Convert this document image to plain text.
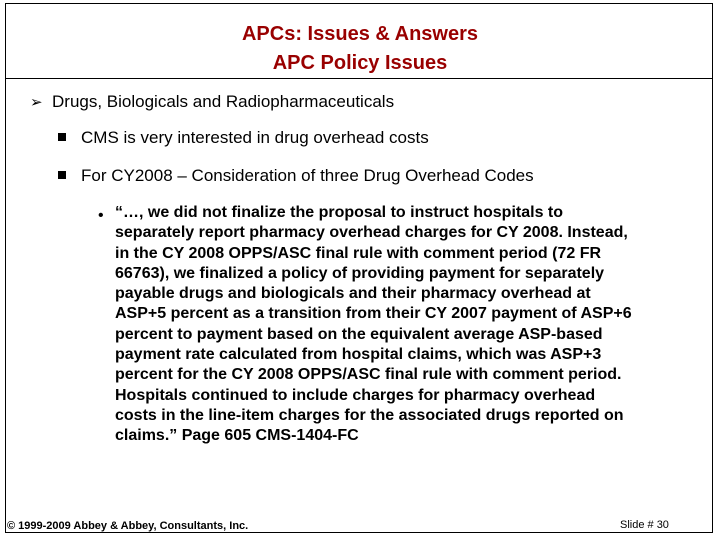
APCs: Issues & Answers
APC Policy Issues
➢ Drugs, Biologicals and Radiopharmaceuticals
CMS is very interested in drug overhead costs
For CY2008 – Consideration of three Drug Overhead Codes
• “…, we did not finalize the proposal to instruct hospitals to
separately report pharmacy overhead charges for CY 2008. Instead,
in the CY 2008 OPPS/ASC final rule with comment period (72 FR
66763), we finalized a policy of providing payment for separately
payable drugs and biologicals and their pharmacy overhead at
ASP+5 percent as a transition from their CY 2007 payment of ASP+6
percent to payment based on the equivalent average ASP-based
payment rate calculated from hospital claims, which was ASP+3
percent for the CY 2008 OPPS/ASC final rule with comment period.
Hospitals continued to include charges for pharmacy overhead
costs in the line-item charges for the associated drugs reported on
claims.” Page 605 CMS-1404-FC
© 1999-2009 Abbey & Abbey, Consultants, Inc.	Slide # 30
